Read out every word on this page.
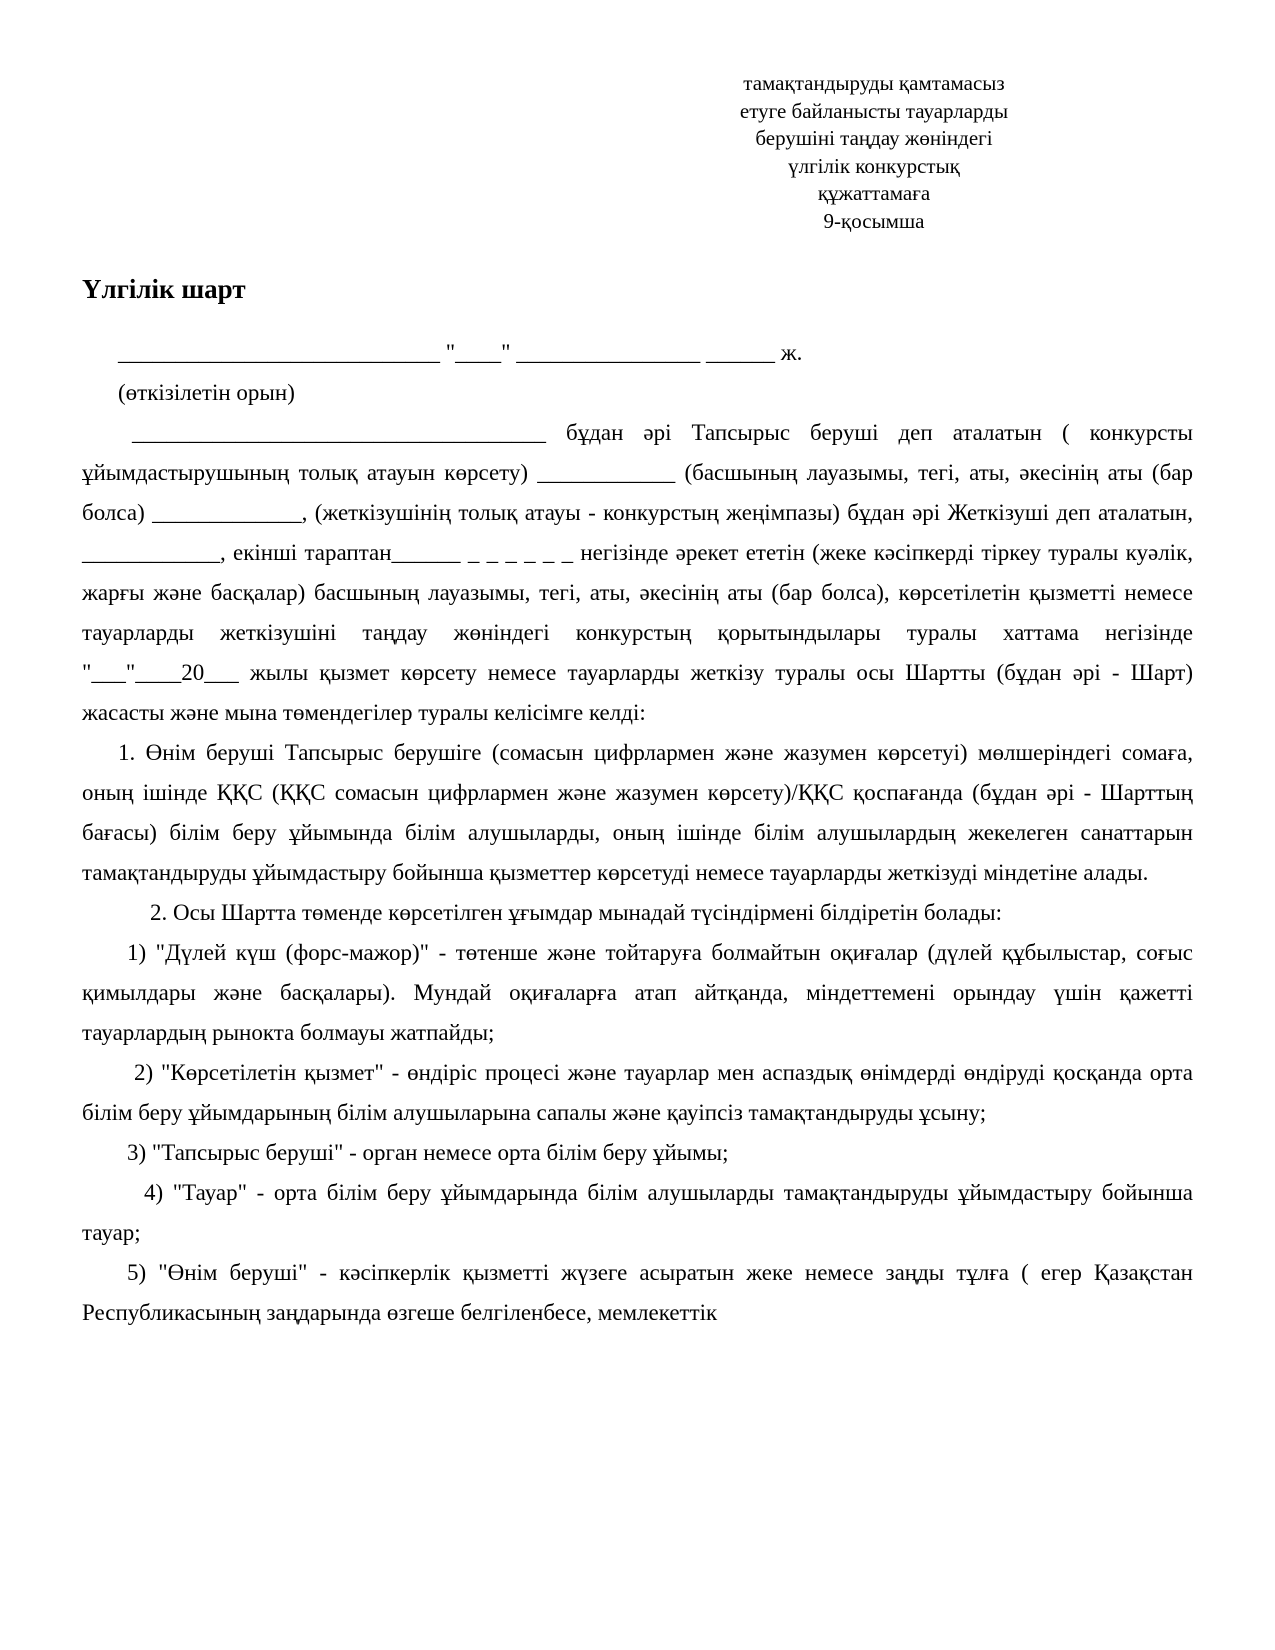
тамақтандыруды қамтамасыз
етуге байланысты тауарларды
берушіні таңдау жөніндегі
үлгілік конкурстық
құжаттамаға
9-қосымша
Үлгілік шарт

____________________________ "____" ________________ ______ ж.

(өткізілетін орын)

____________________________________ бұдан әрі Тапсырыс беруші деп аталатын ( конкурсты ұйымдастырушының толық атауын көрсету) ____________ (басшының лауазымы, тегі, аты, әкесінің аты (бар болса) _____________, (жеткізушінің толық атауы - конкурстың жеңімпазы) бұдан әрі Жеткізуші деп аталатын, ____________, екінші тараптан______ _ _ _ _ _ _ негізінде әрекет ететін (жеке кәсіпкерді тіркеу туралы куәлік, жарғы және басқалар) басшының лауазымы, тегі, аты, әкесінің аты (бар болса), көрсетілетін қызметті немесе тауарларды жеткізушіні таңдау жөніндегі конкурстың қорытындылары туралы хаттама негізінде "___"____20___ жылы қызмет көрсету немесе тауарларды жеткізу туралы осы Шартты (бұдан әрі - Шарт) жасасты және мына төмендегілер туралы келісімге келді:

1. Өнім беруші Тапсырыс берушіге (сомасын цифрлармен және жазумен көрсетуі) мөлшеріндегі сомаға, оның ішінде ҚҚС (ҚҚС сомасын цифрлармен және жазумен көрсету)/ҚҚС қоспағанда (бұдан әрі - Шарттың бағасы) білім беру ұйымында білім алушыларды, оның ішінде білім алушылардың жекелеген санаттарын тамақтандыруды ұйымдастыру бойынша қызметтер көрсетуді немесе тауарларды жеткізуді міндетіне алады.

2. Осы Шартта төменде көрсетілген ұғымдар мынадай түсіндірмені білдіретін болады:

1) "Дүлей күш (форс-мажор)" - төтенше және тойтаруға болмайтын оқиғалар (дүлей құбылыстар, соғыс қимылдары және басқалары). Мундай оқиғаларға атап айтқанда, міндеттемені орындау үшін қажетті тауарлардың рынокта болмауы жатпайды;

2) "Көрсетілетін қызмет" - өндіріс процесі және тауарлар мен аспаздық өнімдерді өндіруді қосқанда орта білім беру ұйымдарының білім алушыларына сапалы және қауіпсіз тамақтандыруды ұсыну;

3) "Тапсырыс беруші" - орган немесе орта білім беру ұйымы;

4) "Тауар" - орта білім беру ұйымдарында білім алушыларды тамақтандыруды ұйымдастыру бойынша тауар;

5) "Өнім беруші" - кәсіпкерлік қызметті жүзеге асыратын жеке немесе заңды тұлға ( егер Қазақстан Республикасының заңдарында өзгеше белгіленбесе, мемлекеттік
